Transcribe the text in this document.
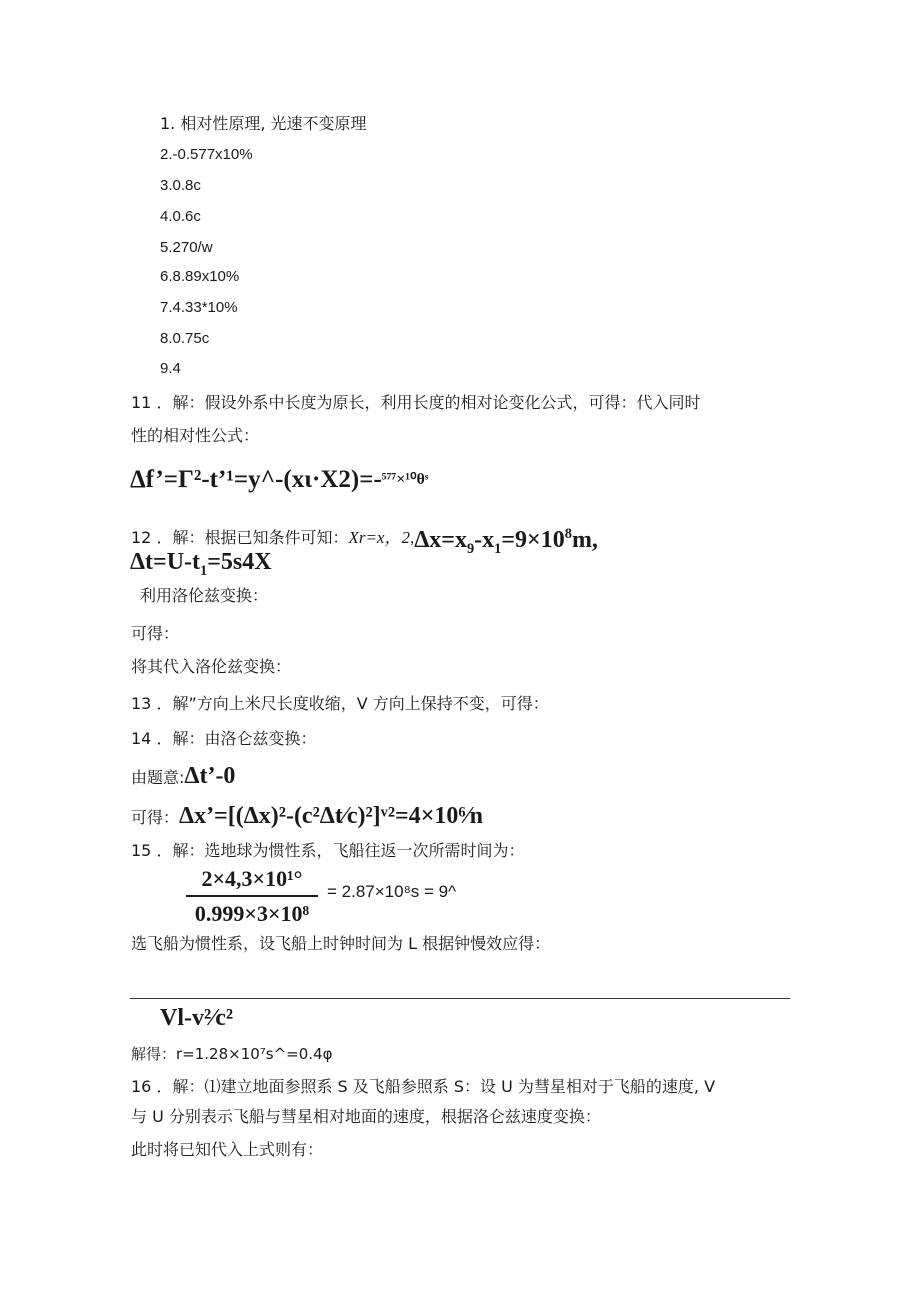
1. 相对性原理, 光速不变原理
2.-0.577x10%
3.0.8c
4.0.6c
5.270/w
6.8.89x10%
7.4.33*10%
8.0.75c
9.4
11 ．解：假设外系中长度为原长，利用长度的相对论变化公式，可得：代入同时
性的相对性公式：
Δf’=Γ²-t’¹=y^-(xι·X2)=-$^{^{577}\times^{10}\theta ˢ}$
12 ．解：根据已知条件可知：Xr=x，$2,\Delta x=x_9-x_1=9\times 10^8m$,
$\Delta t=U-t_1=5s4X$
利用洛伦兹变换：
可得：
将其代入洛伦兹变换：
13 ．解”方向上米尺长度收缩，V 方向上保持不变，可得：
14 ．解：由洛仑兹变换：
由题意:Δt’-0
可得：Δx’=[(Δx)²-(c²Δt⁄c)²]ᵛ²=4×10⁶⁄n
15 ．解：选地球为惯性系，飞船往返一次所需时间为：
2×4,3×10¹°
0.999×3×10⁸
= 2.87×10⁸s = 9^
选飞船为惯性系，设飞船上时钟时间为 L 根据钟慢效应得：
Vl-v²⁄c²
解得：r=1.28×10⁷s^=0.4φ
16 ．解：⑴建立地面参照系 S 及飞船参照系 S：设 U 为彗星相对于飞船的速度, V
与 U 分别表示飞船与彗星相对地面的速度，根据洛仑兹速度变换：
此时将已知代入上式则有：
